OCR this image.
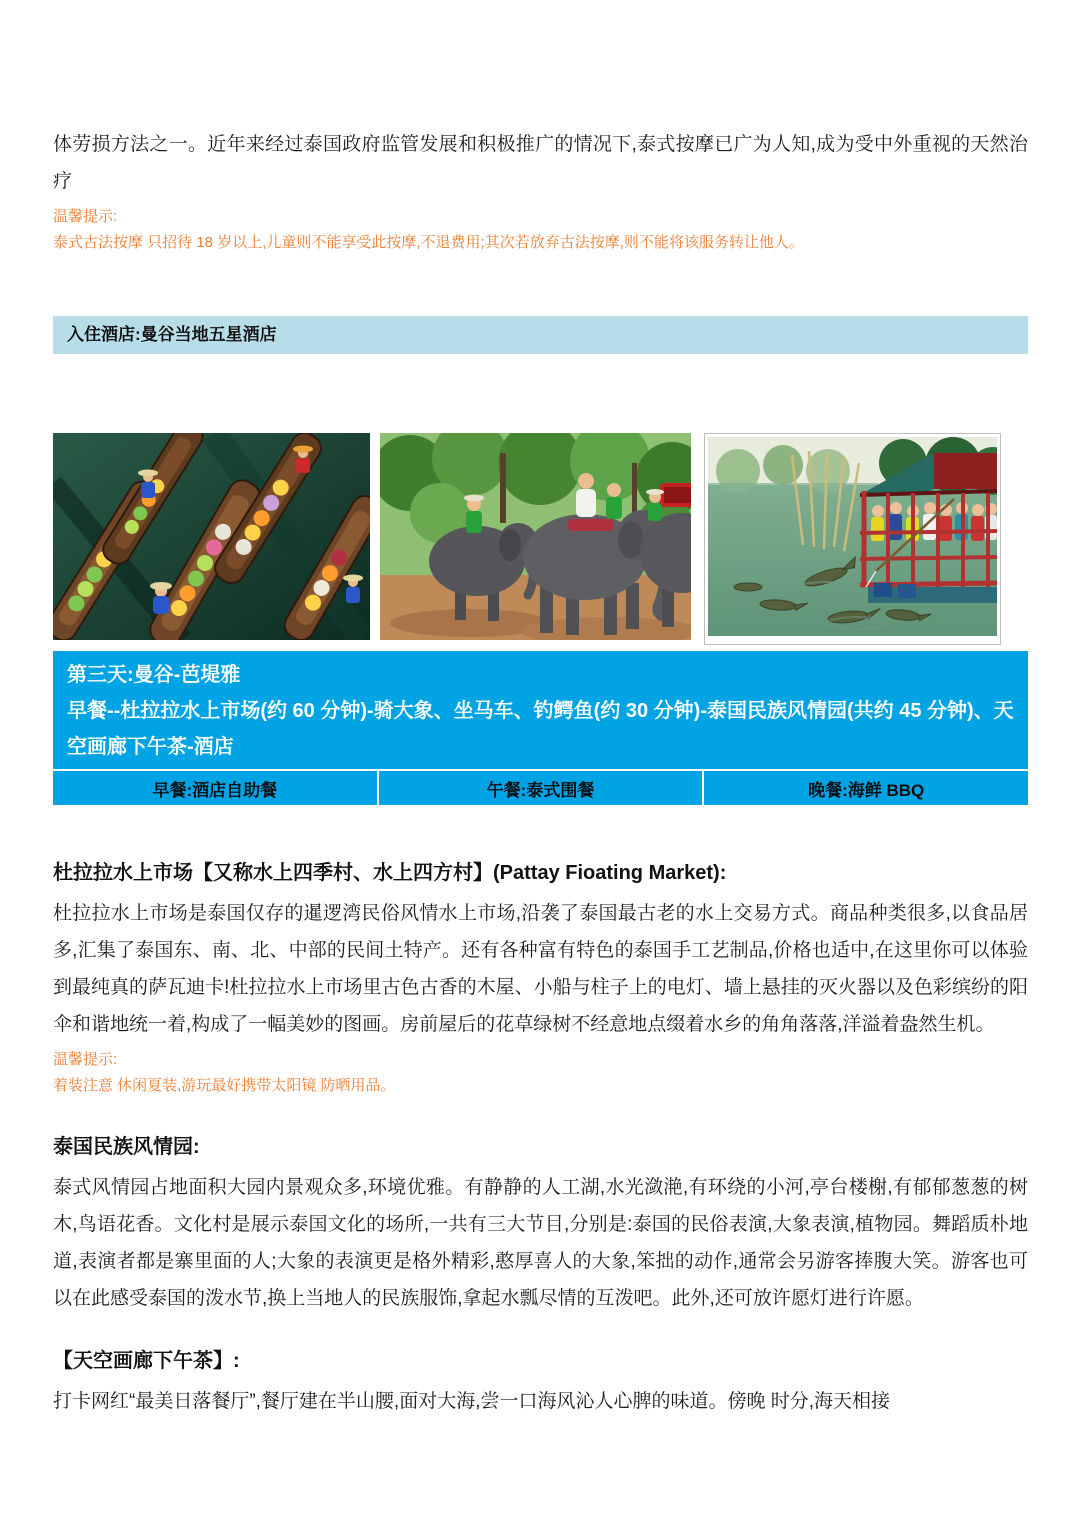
体劳损方法之一。近年来经过泰国政府监管发展和积极推广的情况下,泰式按摩已广为人知,成为受中外重视的天然治疗

温馨提示:
泰式古法按摩 只招待 18 岁以上,儿童则不能享受此按摩,不退费用;其次若放弃古法按摩,则不能将该服务转让他人。
入住酒店:曼谷当地五星酒店
第三天:曼谷-芭堤雅
早餐--杜拉拉水上市场(约 60 分钟)-骑大象、坐马车、钓鳄鱼(约 30 分钟)-泰国民族风情园(共约 45 分钟)、天空画廊下午茶-酒店
早餐:酒店自助餐	午餐:泰式围餐	晚餐:海鲜 BBQ
杜拉拉水上市场【又称水上四季村、水上四方村】(Pattay Fioating Market):

杜拉拉水上市场是泰国仅存的暹逻湾民俗风情水上市场,沿袭了泰国最古老的水上交易方式。商品种类很多,以食品居多,汇集了泰国东、南、北、中部的民间土特产。还有各种富有特色的泰国手工艺制品,价格也适中,在这里你可以体验到最纯真的萨瓦迪卡!杜拉拉水上市场里古色古香的木屋、小船与柱子上的电灯、墙上悬挂的灭火器以及色彩缤纷的阳伞和谐地统一着,构成了一幅美妙的图画。房前屋后的花草绿树不经意地点缀着水乡的角角落落,洋溢着盎然生机。

温馨提示:
着装注意 休闲夏装,游玩最好携带太阳镜 防晒用品。
泰国民族风情园:

泰式风情园占地面积大园内景观众多,环境优雅。有静静的人工湖,水光潋滟,有环绕的小河,亭台楼榭,有郁郁葱葱的树木,鸟语花香。文化村是展示泰国文化的场所,一共有三大节目,分别是:泰国的民俗表演,大象表演,植物园。舞蹈质朴地道,表演者都是寨里面的人;大象的表演更是格外精彩,憨厚喜人的大象,笨拙的动作,通常会另游客捧腹大笑。游客也可以在此感受泰国的泼水节,换上当地人的民族服饰,拿起水瓢尽情的互泼吧。此外,还可放许愿灯进行许愿。

【天空画廊下午茶】:

打卡网红“最美日落餐厅”,餐厅建在半山腰,面对大海,尝一口海风沁人心脾的味道。傍晚 时分,海天相接
